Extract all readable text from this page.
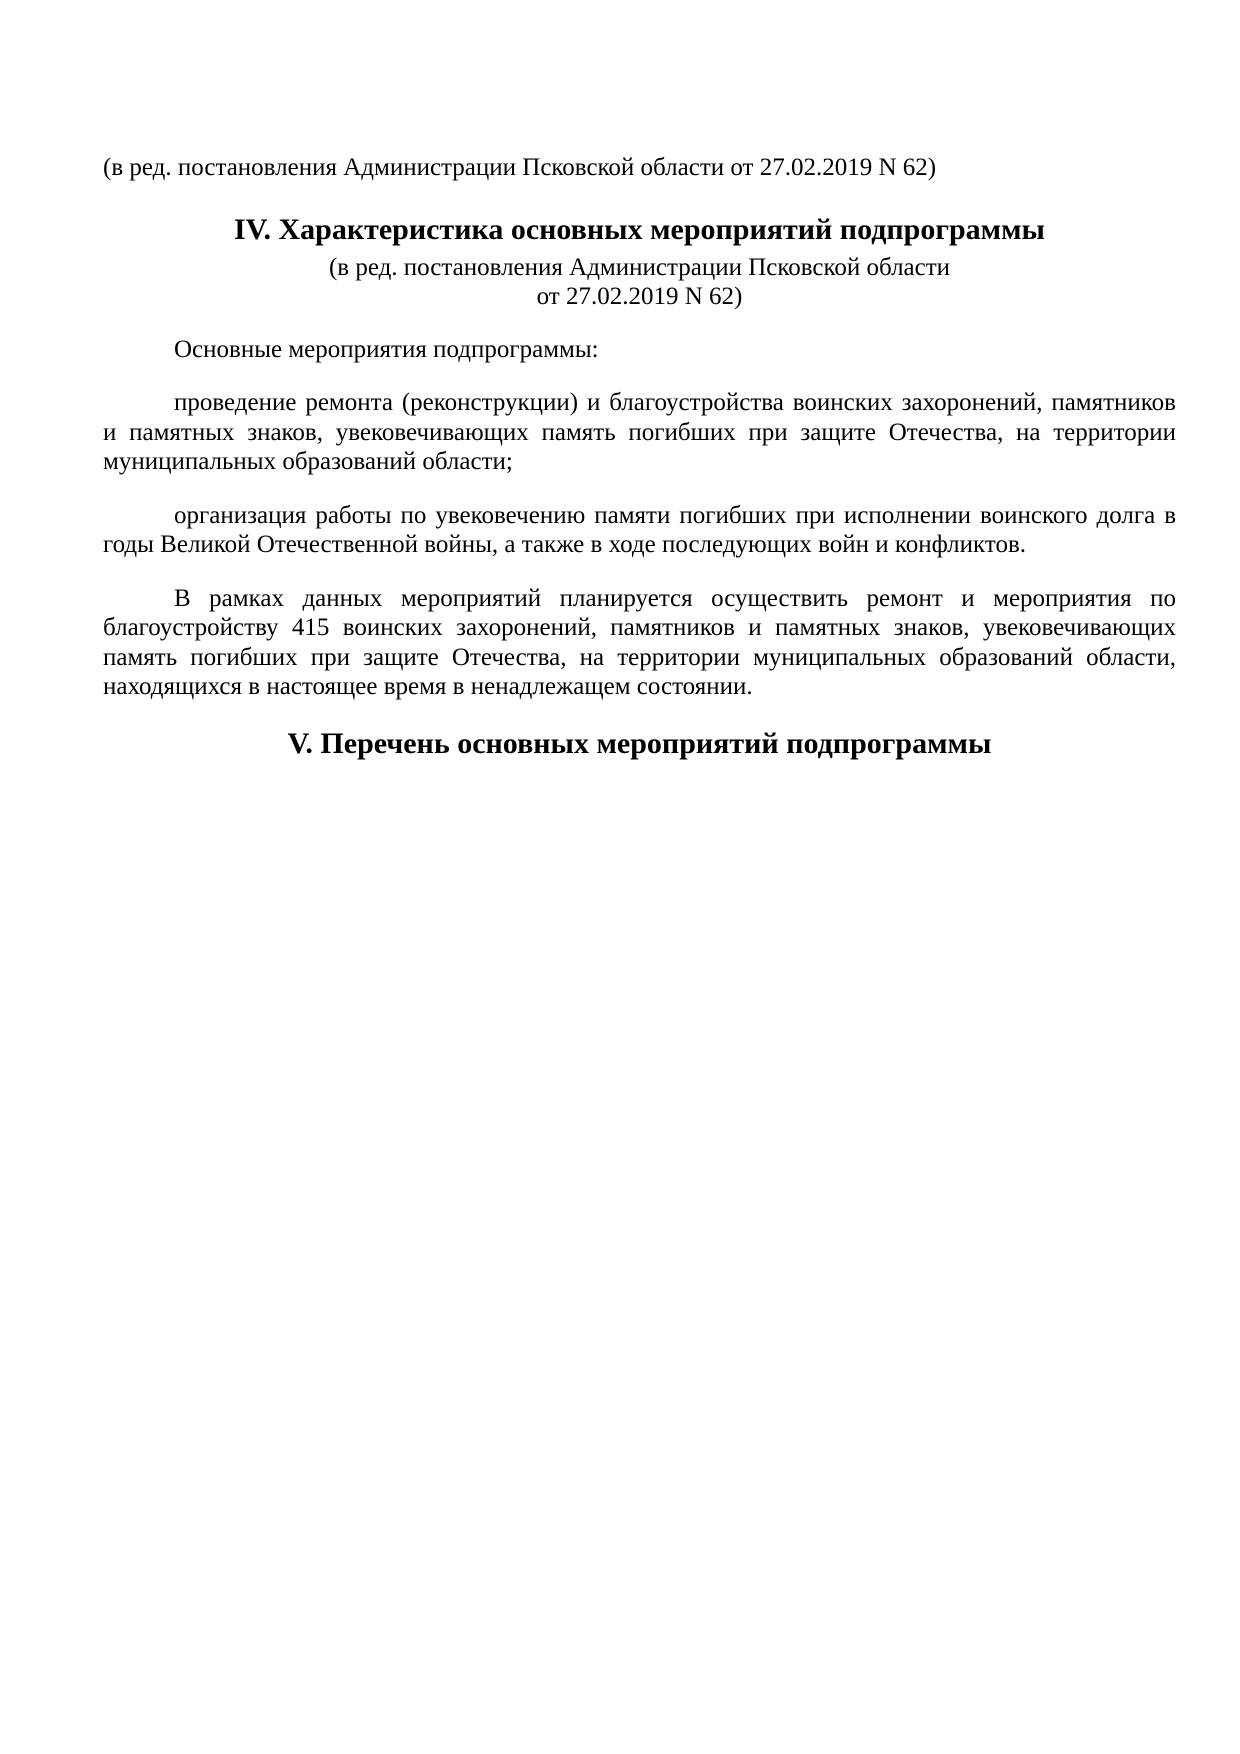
(в ред. постановления Администрации Псковской области от 27.02.2019 N 62)

IV. Характеристика основных мероприятий подпрограммы

(в ред. постановления Администрации Псковской области

от 27.02.2019 N 62)

Основные мероприятия подпрограммы:

проведение ремонта (реконструкции) и благоустройства воинских захоронений, памятников и памятных знаков, увековечивающих память погибших при защите Отечества, на территории муниципальных образований области;

организация работы по увековечению памяти погибших при исполнении воинского долга в годы Великой Отечественной войны, а также в ходе последующих войн и конфликтов.

В рамках данных мероприятий планируется осуществить ремонт и мероприятия по благоустройству 415 воинских захоронений, памятников и памятных знаков, увековечивающих память погибших при защите Отечества, на территории муниципальных образований области, находящихся в настоящее время в ненадлежащем состоянии.

V. Перечень основных мероприятий подпрограммы
